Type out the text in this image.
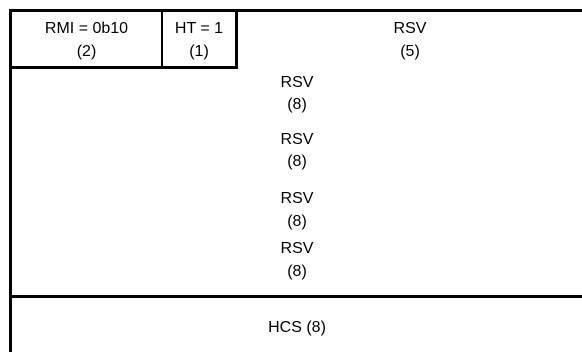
RMI = 0b10
(2)
HT = 1
(1)
RSV
(5)
RSV
(8)
RSV
(8)
RSV
(8)
RSV
(8)
HCS (8)
